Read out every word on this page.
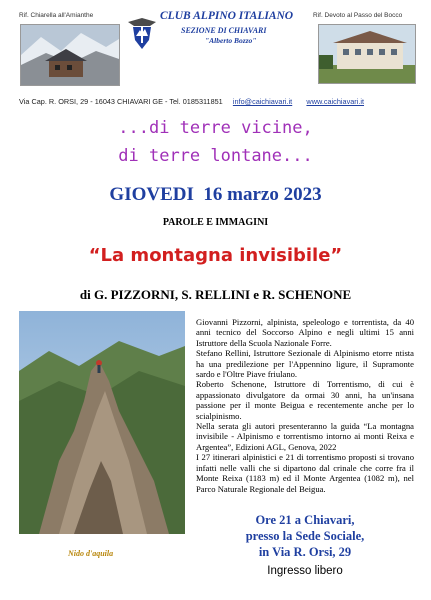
Rif. Chiarella all'Amianthe	CLUB ALPINO ITALIANO
SEZIONE DI CHIAVARI
"Alberto Bozzo"
Rif. Devoto al Passo del Bocco
Via Cap. R. ORSI, 29 - 16043 CHIAVARI GE - Tel. 0185311851 info@caichiavari.it www.caichiavari.it
...di terre vicine,
di terre lontane...
GIOVEDI  16 marzo 2023
PAROLE E IMMAGINI
“La montagna invisibile”
di G. PIZZORNI, S. RELLINI e R. SCHENONE
Nido d'aquila

Giovanni Pizzorni, alpinista, speleologo e torrentista, da 40 anni tecnico del Soccorso Alpino e negli ultimi 15 anni Istruttore della Scuola Nazionale Forre.

Stefano Rellini, Istruttore Sezionale di Alpinismo etorre ntista ha una predilezione per l'Appennino ligure, il Supramonte sardo e l'Oltre Piave friulano.

Roberto Schenone, Istruttore di Torrentismo, di cui è appassionato divulgatore da ormai 30 anni, ha un'insana passione per il monte Beigua e recentemente anche per lo scialpinismo.

Nella serata gli autori presenteranno la guida “La montagna invisibile - Alpinismo e torrentismo intorno ai monti Reixa e Argentea”, Edizioni AGL, Genova, 2022

I 27 itinerari alpinistici e 21 di torrentismo proposti si trovano infatti nelle valli che si dipartono dal crinale che corre fra il Monte Reixa (1183 m) ed il Monte Argentea (1082 m), nel Parco Naturale Regionale del Beigua.

Ore 21 a Chiavari,
presso la Sede Sociale,
in Via R. Orsi, 29
Ingresso libero
